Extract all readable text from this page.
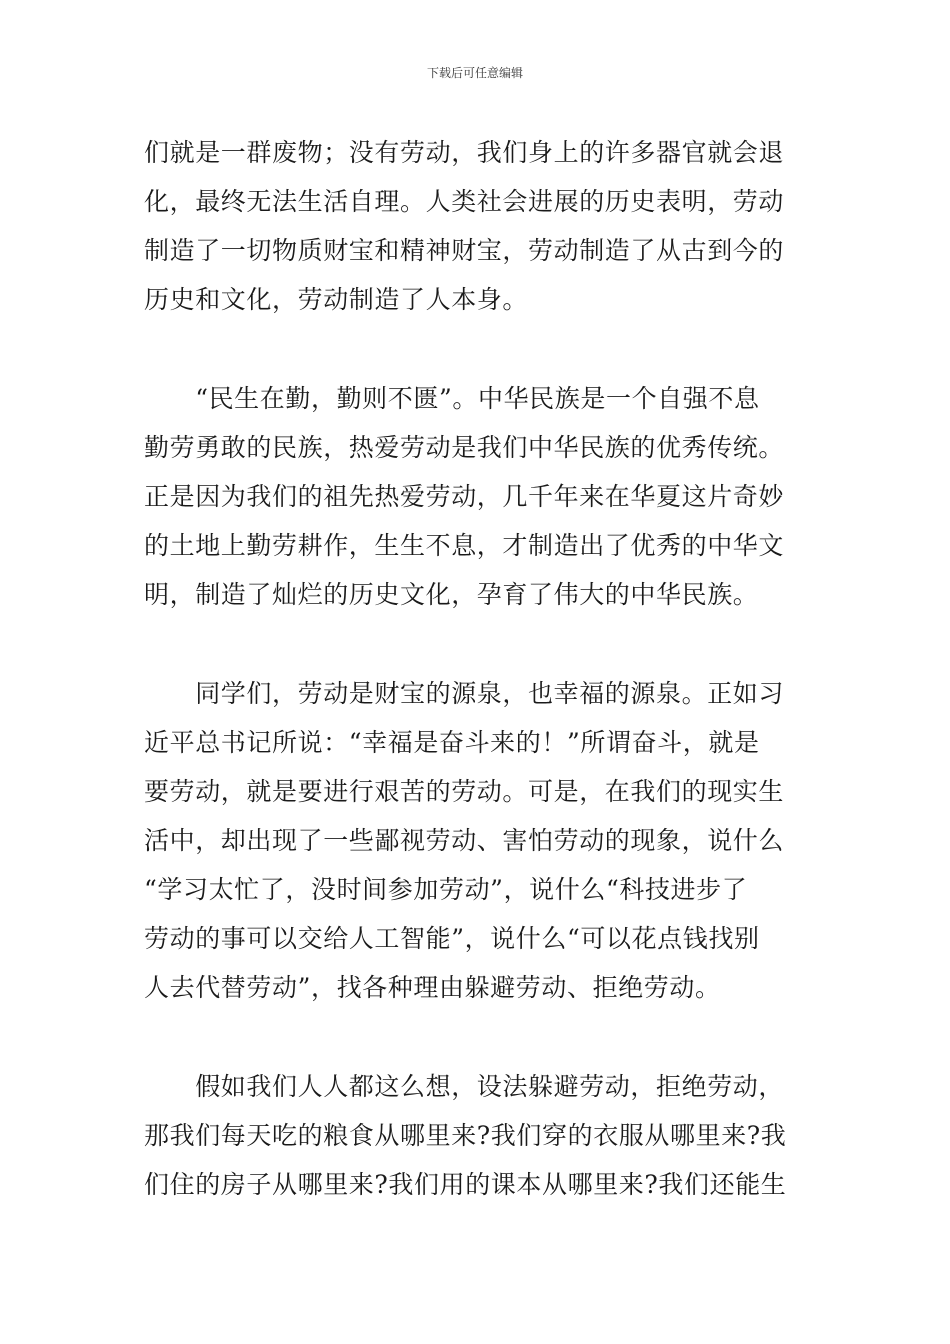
下载后可任意编辑
们就是一群废物；没有劳动，我们身上的许多器官就会退
化，最终无法生活自理。人类社会进展的历史表明，劳动
制造了一切物质财宝和精神财宝，劳动制造了从古到今的
历史和文化，劳动制造了人本身。
　　“民生在勤，勤则不匮”。中华民族是一个自强不息
勤劳勇敢的民族，热爱劳动是我们中华民族的优秀传统。
正是因为我们的祖先热爱劳动，几千年来在华夏这片奇妙
的土地上勤劳耕作，生生不息，才制造出了优秀的中华文
明，制造了灿烂的历史文化，孕育了伟大的中华民族。
　　同学们，劳动是财宝的源泉，也幸福的源泉。正如习
近平总书记所说：“幸福是奋斗来的！”所谓奋斗，就是
要劳动，就是要进行艰苦的劳动。可是，在我们的现实生
活中，却出现了一些鄙视劳动、害怕劳动的现象，说什么
“学习太忙了，没时间参加劳动”，说什么“科技进步了
劳动的事可以交给人工智能”，说什么“可以花点钱找别
人去代替劳动”，找各种理由躲避劳动、拒绝劳动。
　　假如我们人人都这么想，设法躲避劳动，拒绝劳动，
那我们每天吃的粮食从哪里来?我们穿的衣服从哪里来?我
们住的房子从哪里来?我们用的课本从哪里来?我们还能生
